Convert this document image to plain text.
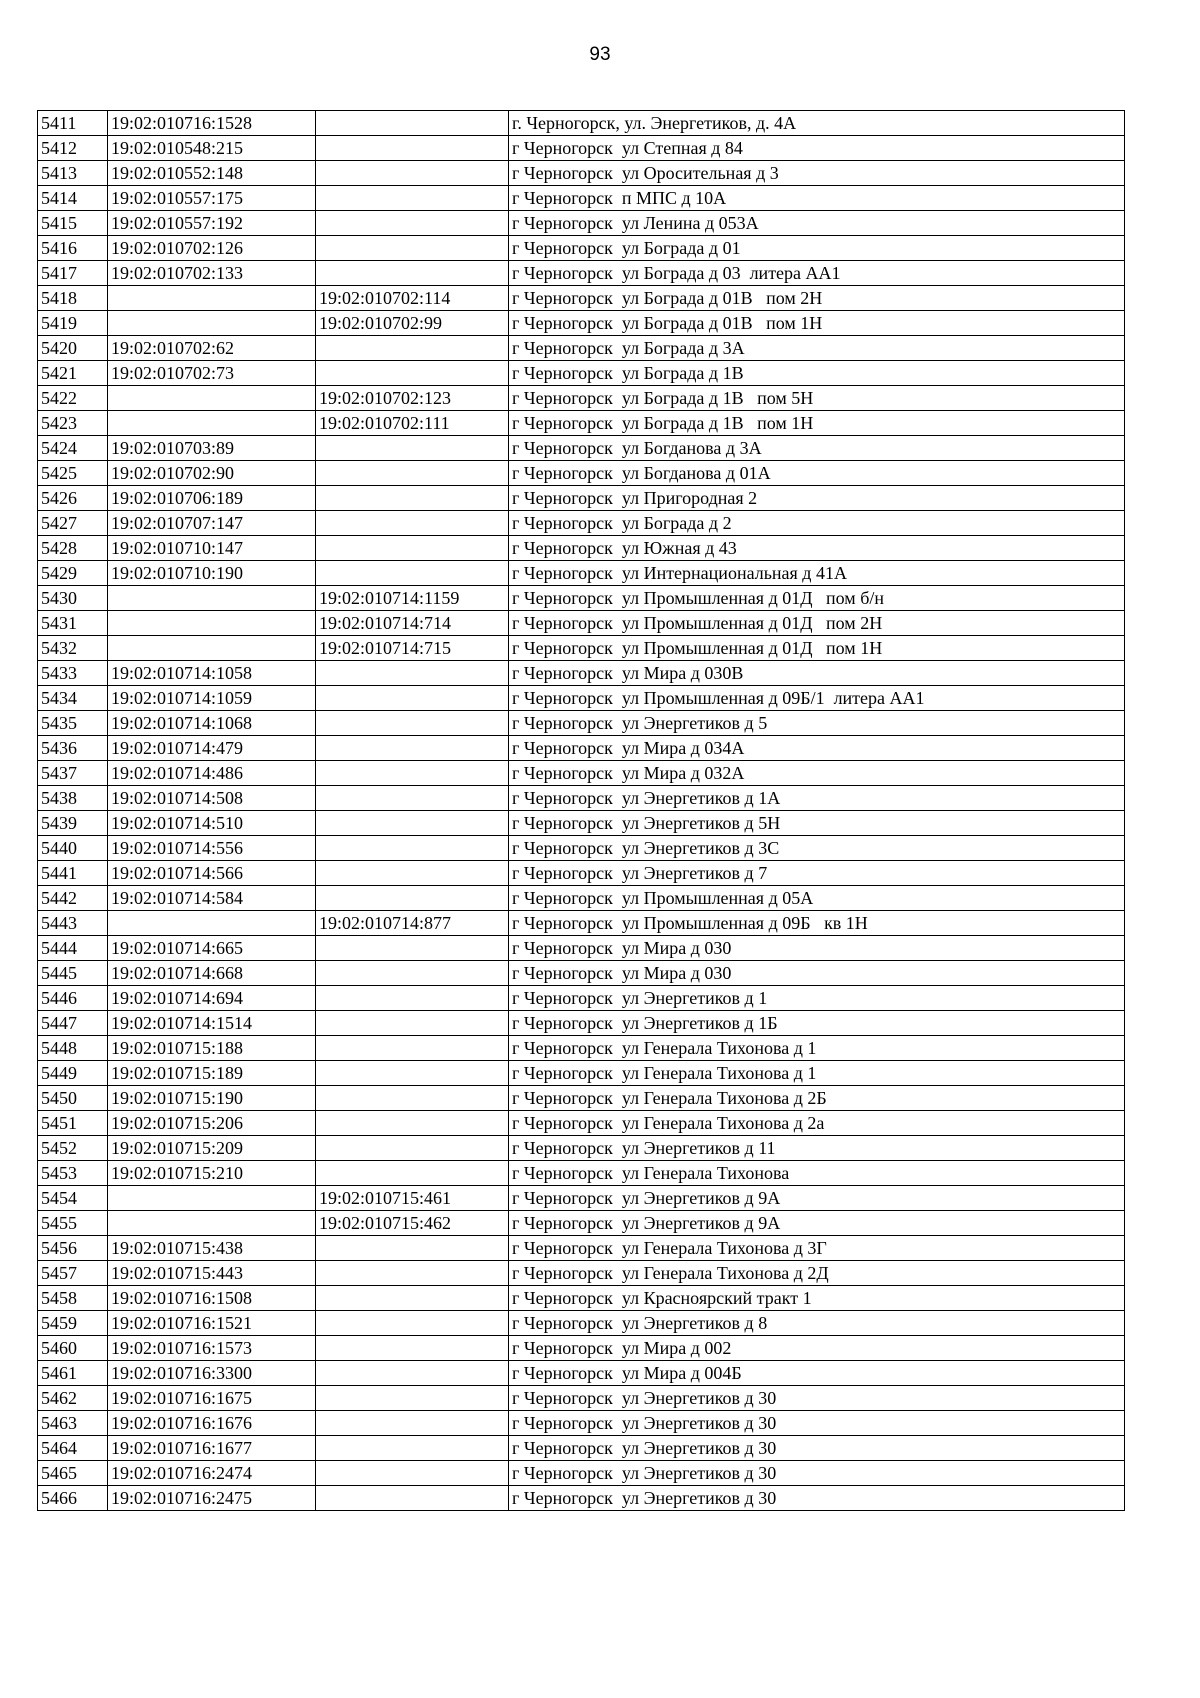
93
5411	19:02:010716:1528		г. Черногорск, ул. Энергетиков, д. 4А
5412	19:02:010548:215		г Черногорск  ул Степная д 84
5413	19:02:010552:148		г Черногорск  ул Оросительная д 3
5414	19:02:010557:175		г Черногорск  п МПС д 10А
5415	19:02:010557:192		г Черногорск  ул Ленина д 053А
5416	19:02:010702:126		г Черногорск  ул Бограда д 01
5417	19:02:010702:133		г Черногорск  ул Бограда д 03  литера АА1
5418		19:02:010702:114	г Черногорск  ул Бограда д 01В   пом 2Н
5419		19:02:010702:99	г Черногорск  ул Бограда д 01В   пом 1Н
5420	19:02:010702:62		г Черногорск  ул Бограда д 3А
5421	19:02:010702:73		г Черногорск  ул Бограда д 1В
5422		19:02:010702:123	г Черногорск  ул Бограда д 1В   пом 5Н
5423		19:02:010702:111	г Черногорск  ул Бограда д 1В   пом 1Н
5424	19:02:010703:89		г Черногорск  ул Богданова д 3А
5425	19:02:010702:90		г Черногорск  ул Богданова д 01А
5426	19:02:010706:189		г Черногорск  ул Пригородная 2
5427	19:02:010707:147		г Черногорск  ул Бограда д 2
5428	19:02:010710:147		г Черногорск  ул Южная д 43
5429	19:02:010710:190		г Черногорск  ул Интернациональная д 41А
5430		19:02:010714:1159	г Черногорск  ул Промышленная д 01Д   пом б/н
5431		19:02:010714:714	г Черногорск  ул Промышленная д 01Д   пом 2Н
5432		19:02:010714:715	г Черногорск  ул Промышленная д 01Д   пом 1Н
5433	19:02:010714:1058		г Черногорск  ул Мира д 030В
5434	19:02:010714:1059		г Черногорск  ул Промышленная д 09Б/1  литера АА1
5435	19:02:010714:1068		г Черногорск  ул Энергетиков д 5
5436	19:02:010714:479		г Черногорск  ул Мира д 034А
5437	19:02:010714:486		г Черногорск  ул Мира д 032А
5438	19:02:010714:508		г Черногорск  ул Энергетиков д 1А
5439	19:02:010714:510		г Черногорск  ул Энергетиков д 5Н
5440	19:02:010714:556		г Черногорск  ул Энергетиков д 3С
5441	19:02:010714:566		г Черногорск  ул Энергетиков д 7
5442	19:02:010714:584		г Черногорск  ул Промышленная д 05А
5443		19:02:010714:877	г Черногорск  ул Промышленная д 09Б   кв 1Н
5444	19:02:010714:665		г Черногорск  ул Мира д 030
5445	19:02:010714:668		г Черногорск  ул Мира д 030
5446	19:02:010714:694		г Черногорск  ул Энергетиков д 1
5447	19:02:010714:1514		г Черногорск  ул Энергетиков д 1Б
5448	19:02:010715:188		г Черногорск  ул Генерала Тихонова д 1
5449	19:02:010715:189		г Черногорск  ул Генерала Тихонова д 1
5450	19:02:010715:190		г Черногорск  ул Генерала Тихонова д 2Б
5451	19:02:010715:206		г Черногорск  ул Генерала Тихонова д 2а
5452	19:02:010715:209		г Черногорск  ул Энергетиков д 11
5453	19:02:010715:210		г Черногорск  ул Генерала Тихонова
5454		19:02:010715:461	г Черногорск  ул Энергетиков д 9А
5455		19:02:010715:462	г Черногорск  ул Энергетиков д 9А
5456	19:02:010715:438		г Черногорск  ул Генерала Тихонова д 3Г
5457	19:02:010715:443		г Черногорск  ул Генерала Тихонова д 2Д
5458	19:02:010716:1508		г Черногорск  ул Красноярский тракт 1
5459	19:02:010716:1521		г Черногорск  ул Энергетиков д 8
5460	19:02:010716:1573		г Черногорск  ул Мира д 002
5461	19:02:010716:3300		г Черногорск  ул Мира д 004Б
5462	19:02:010716:1675		г Черногорск  ул Энергетиков д 30
5463	19:02:010716:1676		г Черногорск  ул Энергетиков д 30
5464	19:02:010716:1677		г Черногорск  ул Энергетиков д 30
5465	19:02:010716:2474		г Черногорск  ул Энергетиков д 30
5466	19:02:010716:2475		г Черногорск  ул Энергетиков д 30
